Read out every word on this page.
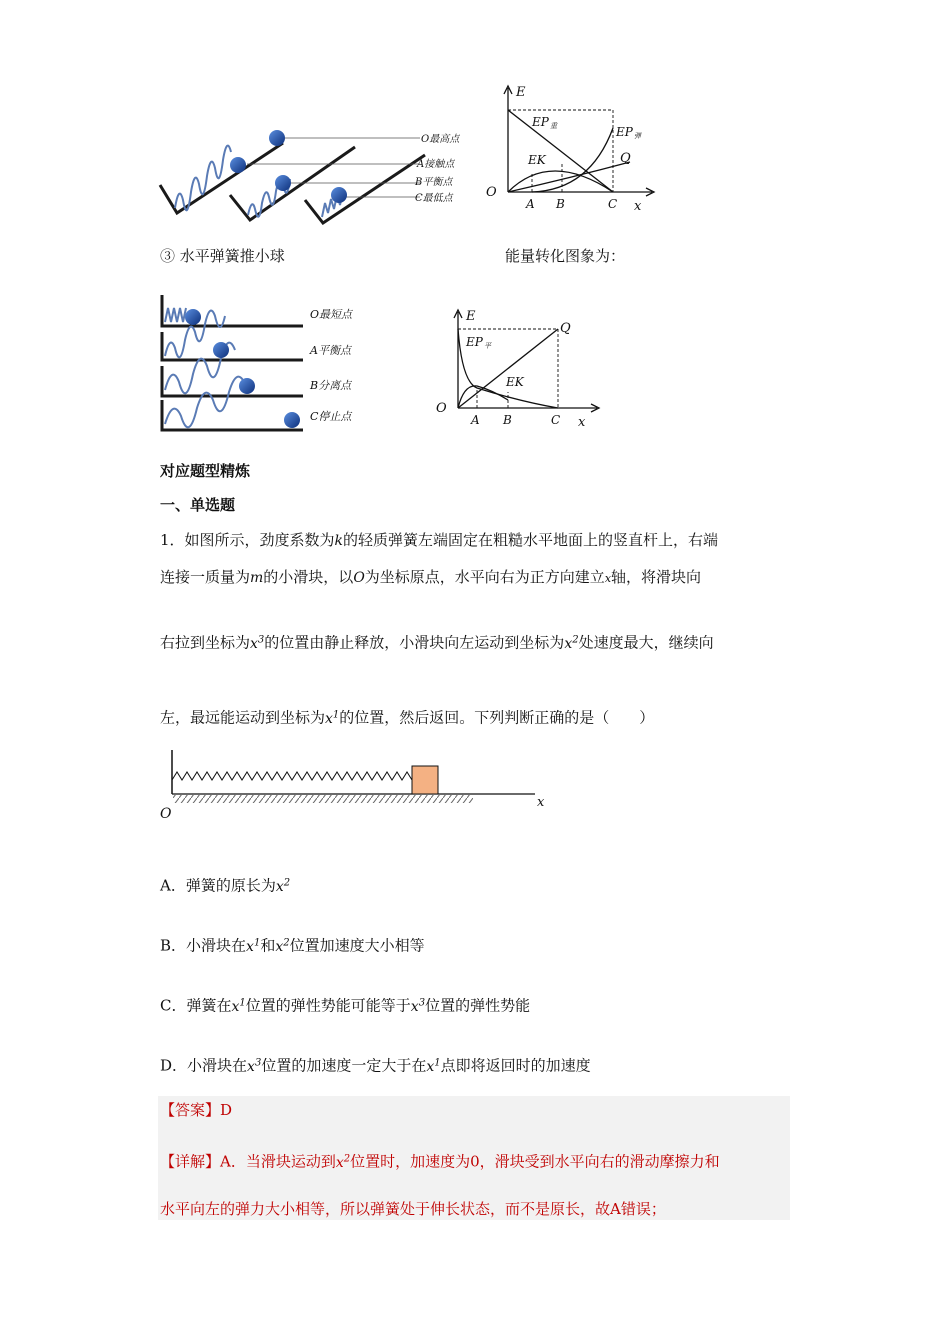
O最高点
A接触点
B平衡点
C最低点
E
O
A B	C x
EP 重
EK
EP 弹
Q
③ 水平弹簧推小球	能量转化图象为：
O最短点
A平衡点
B分离点
C停止点
E
O
A B	C x
EP 平
EK
Q
对应题型精炼
一、单选题
1．如图所示，劲度系数为k的轻质弹簧左端固定在粗糙水平地面上的竖直杆上，右端
连接一质量为m的小滑块，以O为坐标原点，水平向右为正方向建立x轴，将滑块向
右拉到坐标为$x^3$的位置由静止释放，小滑块向左运动到坐标为$x^2$处速度最大，继续向
左，最远能运动到坐标为$x^1$的位置，然后返回。下列判断正确的是（　　）
O
x
A．弹簧的原长为$x^2$
B．小滑块在$x^1$和$x^2$位置加速度大小相等
C．弹簧在$x^1$位置的弹性势能可能等于$x^3$位置的弹性势能
D．小滑块在$x^3$位置的加速度一定大于在$x^1$点即将返回时的加速度
【答案】D
【详解】A．当滑块运动到$x^2$位置时，加速度为0，滑块受到水平向右的滑动摩擦力和
水平向左的弹力大小相等，所以弹簧处于伸长状态，而不是原长，故A错误；
